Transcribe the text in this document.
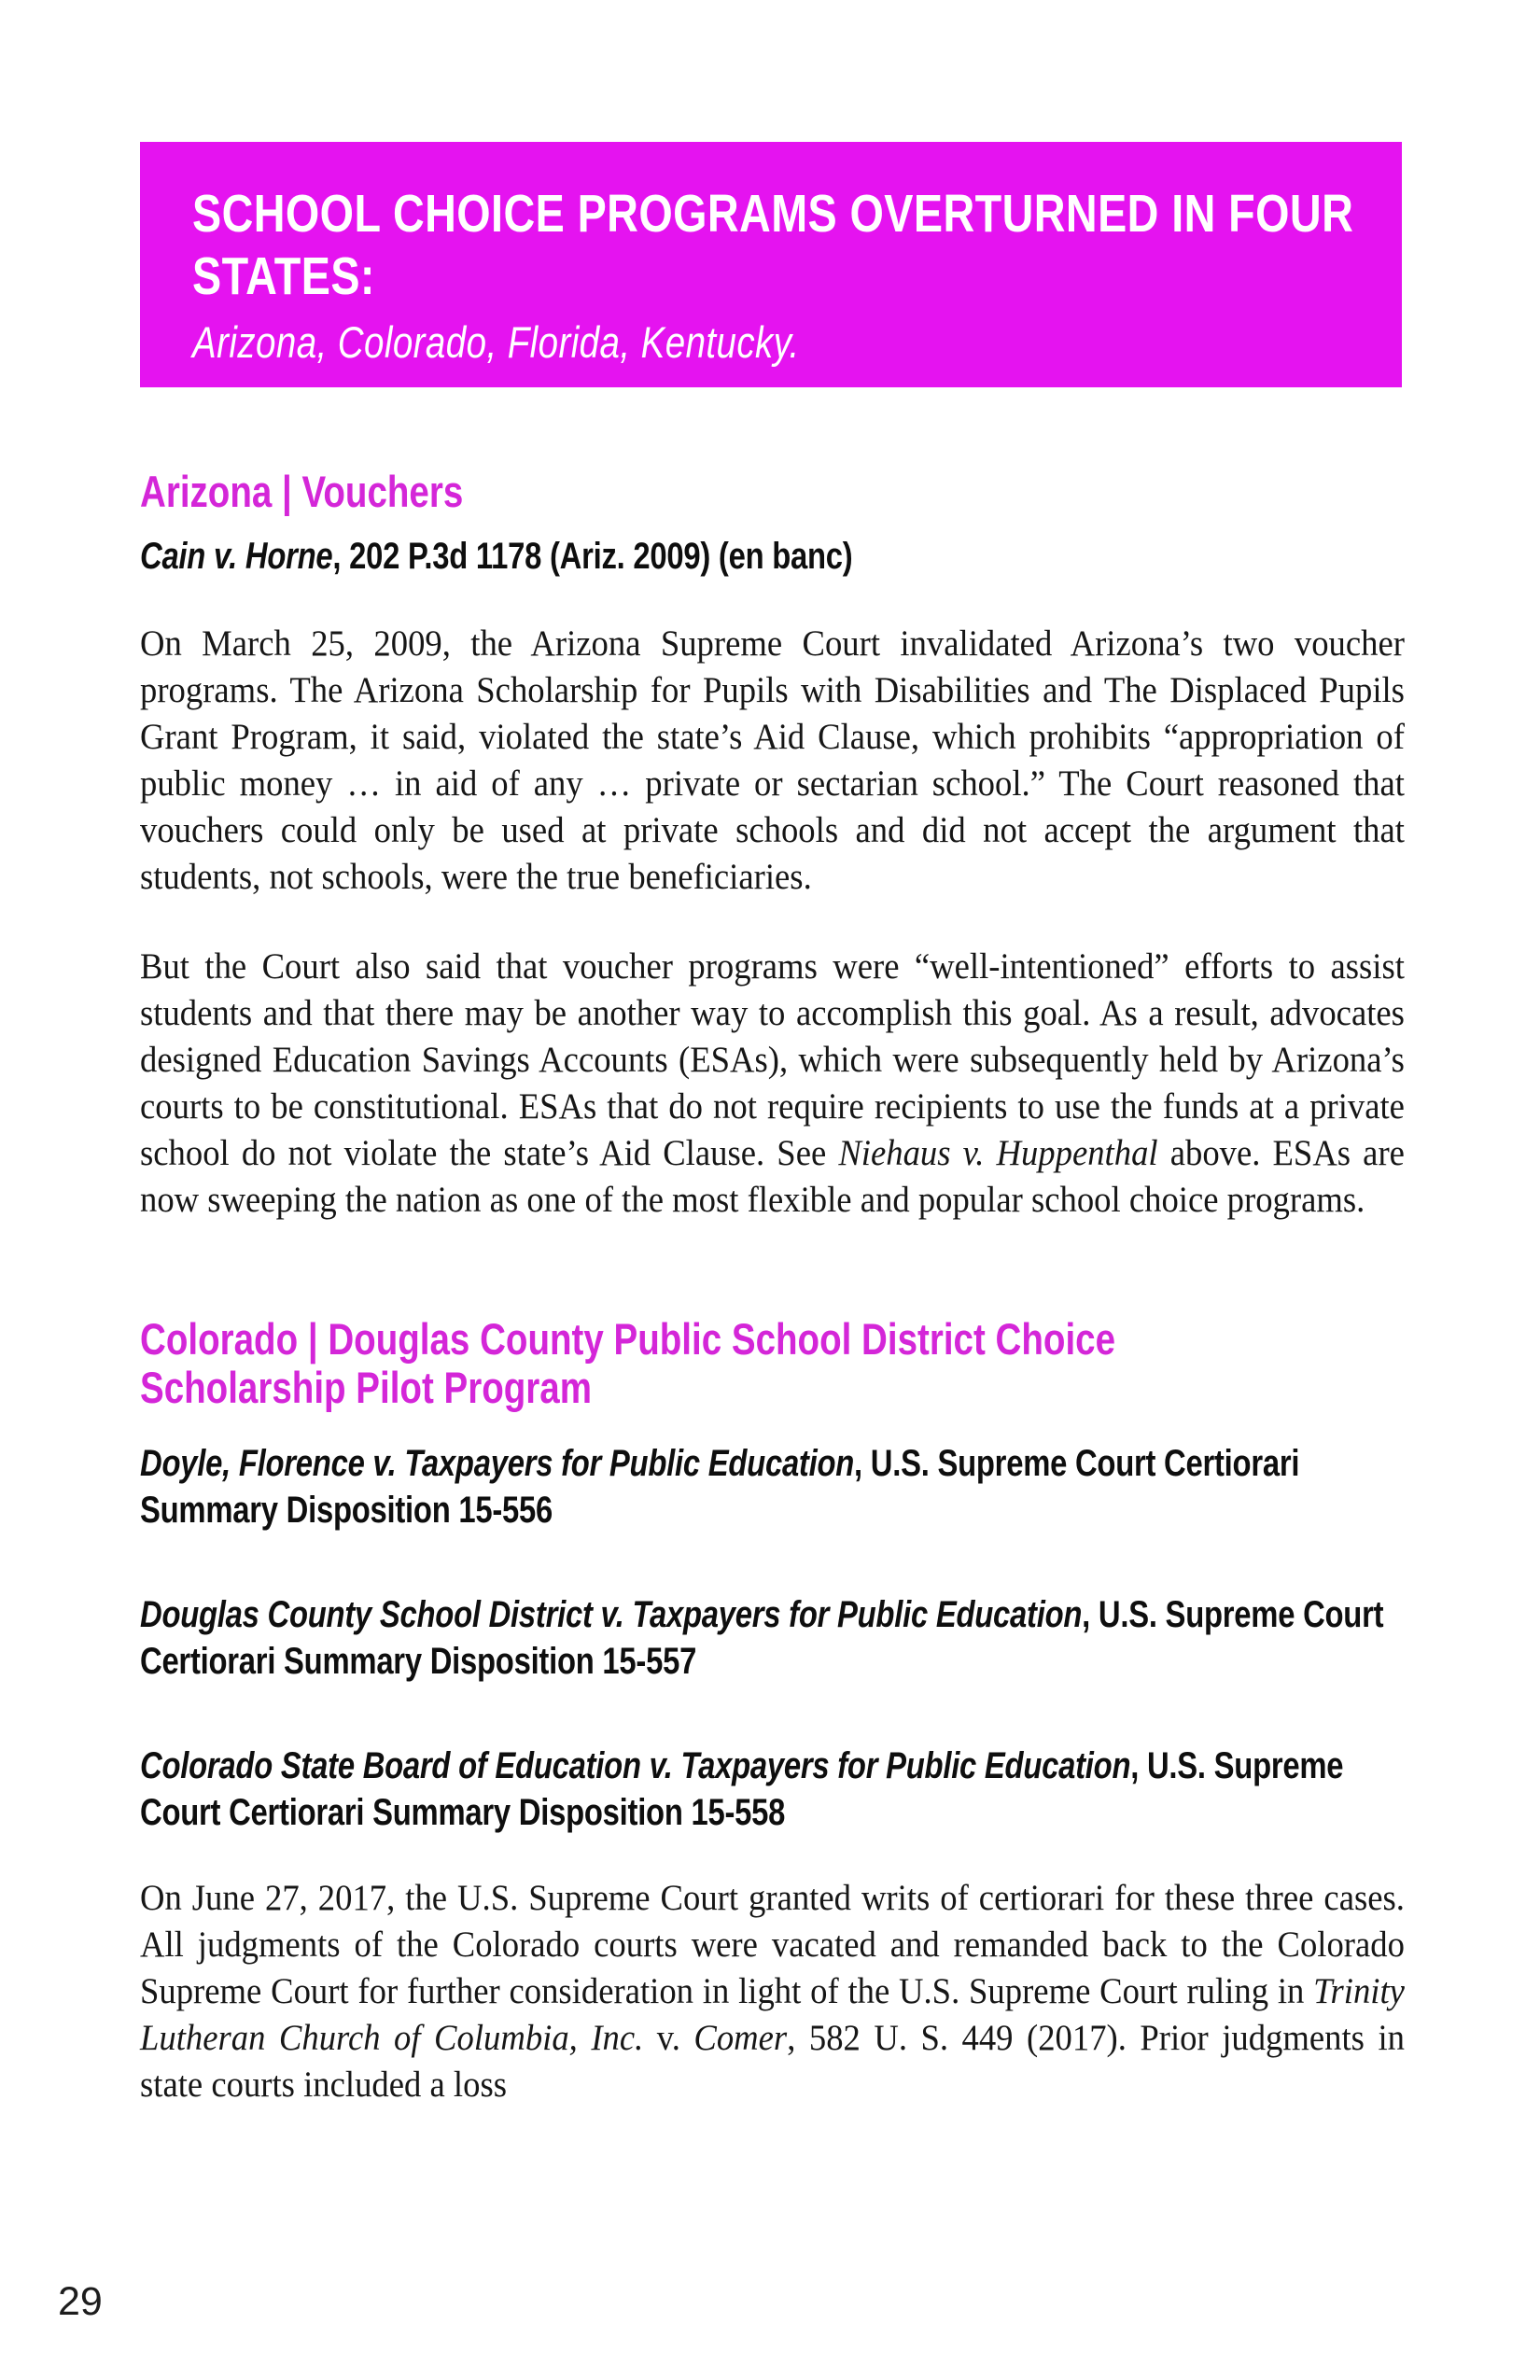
SCHOOL CHOICE PROGRAMS OVERTURNED IN FOUR
STATES:
Arizona, Colorado, Florida, Kentucky.
Arizona | Vouchers

Cain v. Horne, 202 P.3d 1178 (Ariz. 2009) (en banc)

On March 25, 2009, the Arizona Supreme Court invalidated Arizona’s two voucher programs. The Arizona Scholarship for Pupils with Disabilities and The Displaced Pupils Grant Program, it said, violated the state’s Aid Clause, which prohibits “appropriation of public money … in aid of any … private or sectarian school.” The Court reasoned that vouchers could only be used at private schools and did not accept the argument that students, not schools, were the true beneficiaries.

But the Court also said that voucher programs were “well-intentioned” efforts to assist students and that there may be another way to accomplish this goal. As a result, advocates designed Education Savings Accounts (ESAs), which were subsequently held by Arizona’s courts to be constitutional. ESAs that do not require recipients to use the funds at a private school do not violate the state’s Aid Clause. See Niehaus v. Huppenthal above. ESAs are now sweeping the nation as one of the most flexible and popular school choice programs.

Colorado | Douglas County Public School District Choice
Scholarship Pilot Program

Doyle, Florence v. Taxpayers for Public Education, U.S. Supreme Court Certiorari Summary Disposition 15-556

Douglas County School District v. Taxpayers for Public Education, U.S. Supreme Court Certiorari Summary Disposition 15-557

Colorado State Board of Education v. Taxpayers for Public Education, U.S. Supreme Court Certiorari Summary Disposition 15-558

On June 27, 2017, the U.S. Supreme Court granted writs of certiorari for these three cases. All judgments of the Colorado courts were vacated and remanded back to the Colorado Supreme Court for further consideration in light of the U.S. Supreme Court ruling in Trinity Lutheran Church of Columbia, Inc. v. Comer, 582 U. S. 449 (2017). Prior judgments in state courts included a loss

29
